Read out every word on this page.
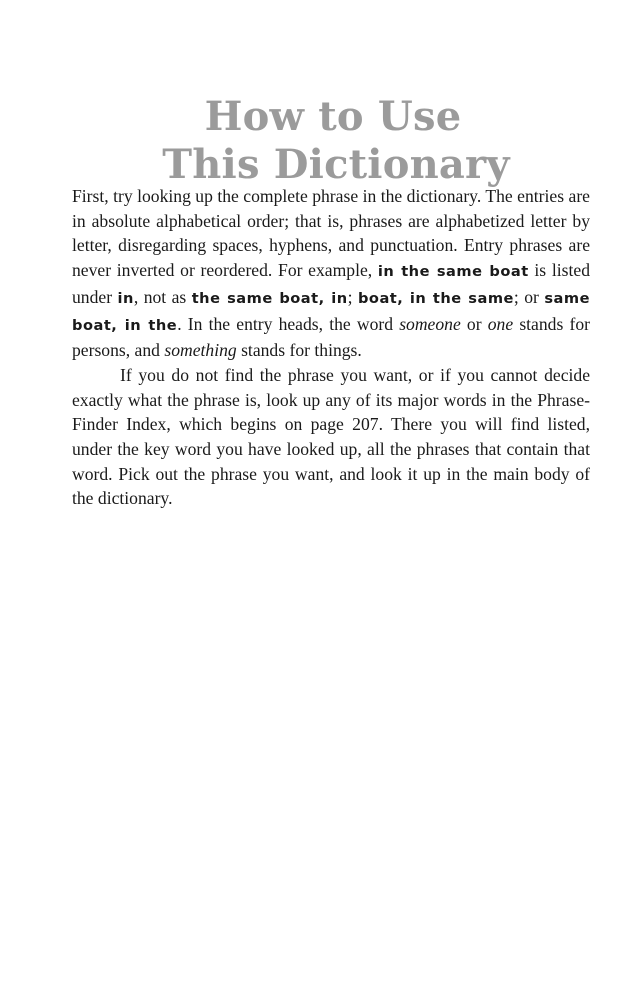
How to Use
This Dictionary

First, try looking up the complete phrase in the dictionary. The entries are in absolute alphabetical order; that is, phrases are alphabetized letter by letter, disregarding spaces, hyphens, and punctuation. Entry phrases are never inverted or reordered. For example, in the same boat is listed under in, not as the same boat, in; boat, in the same; or same boat, in the. In the entry heads, the word someone or one stands for persons, and something stands for things.

If you do not find the phrase you want, or if you cannot decide exactly what the phrase is, look up any of its major words in the Phrase-Finder Index, which begins on page 207. There you will find listed, under the key word you have looked up, all the phrases that contain that word. Pick out the phrase you want, and look it up in the main body of the dictionary.
